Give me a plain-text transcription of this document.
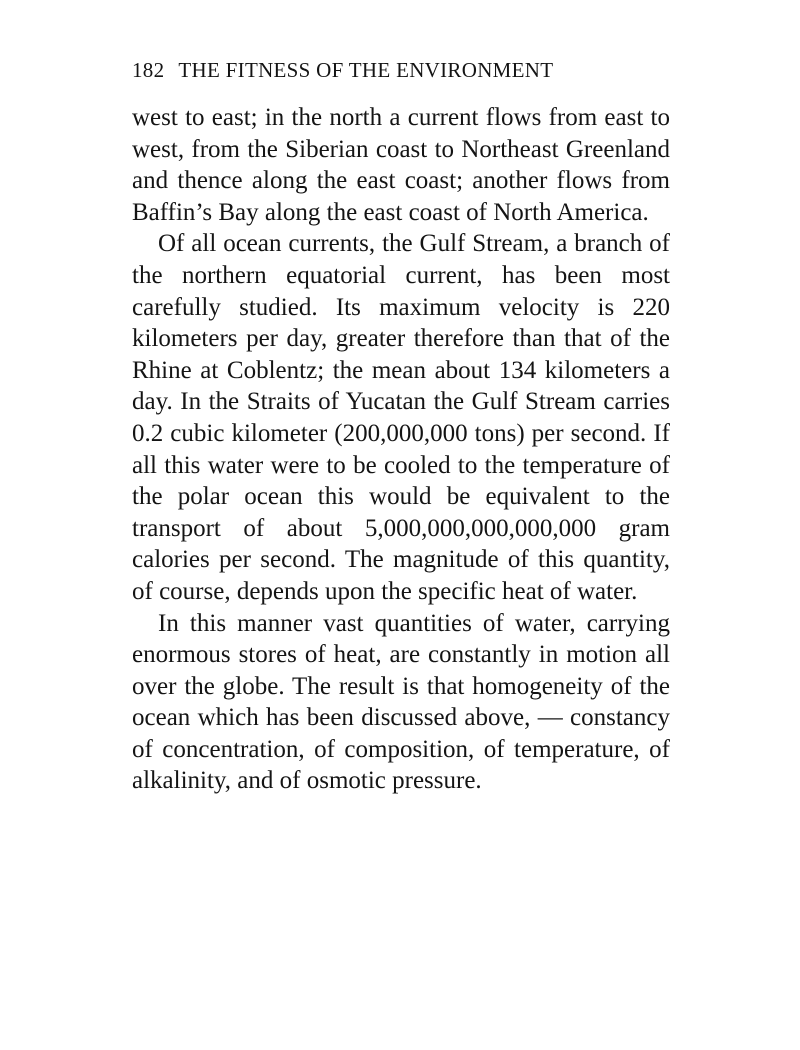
182 THE FITNESS OF THE ENVIRONMENT

west to east; in the north a current flows from east to west, from the Siberian coast to Northeast Greenland and thence along the east coast; another flows from Baffin’s Bay along the east coast of North America.

Of all ocean currents, the Gulf Stream, a branch of the northern equatorial current, has been most carefully studied. Its maximum velocity is 220 kilometers per day, greater therefore than that of the Rhine at Coblentz; the mean about 134 kilometers a day. In the Straits of Yucatan the Gulf Stream carries 0.2 cubic kilometer (200,000,000 tons) per second. If all this water were to be cooled to the temperature of the polar ocean this would be equivalent to the transport of about 5,000,000,000,000,000 gram calories per second. The magnitude of this quantity, of course, depends upon the specific heat of water.

In this manner vast quantities of water, carrying enormous stores of heat, are constantly in motion all over the globe. The result is that homogeneity of the ocean which has been discussed above, — constancy of concentration, of composition, of temperature, of alkalinity, and of osmotic pressure.
